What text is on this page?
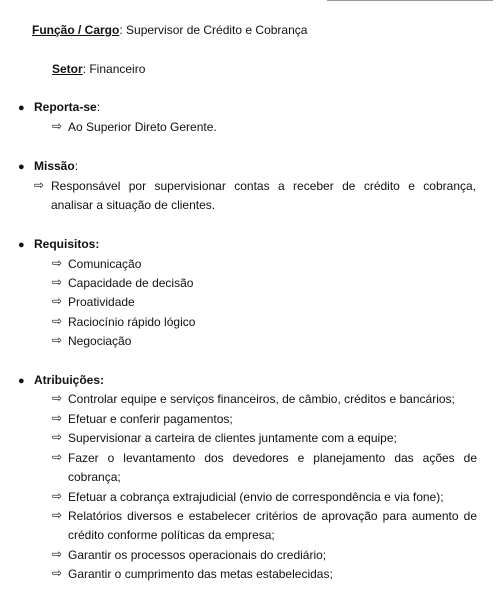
Função / Cargo: Supervisor de Crédito e Cobrança
Setor: Financeiro
● Reporta-se:
⇨ Ao Superior Direto Gerente.
● Missão:
⇨ Responsável por supervisionar contas a receber de crédito e cobrança,
analisar a situação de clientes.
● Requisitos:
⇨ Comunicação
⇨ Capacidade de decisão
⇨ Proatividade
⇨ Raciocínio rápido lógico
⇨ Negociação
● Atribuições:
⇨ Controlar equipe e serviços financeiros, de câmbio, créditos e bancários;
⇨ Efetuar e conferir pagamentos;
⇨ Supervisionar a carteira de clientes juntamente com a equipe;
⇨ Fazer o levantamento dos devedores e planejamento das ações de
cobrança;
⇨ Efetuar a cobrança extrajudicial (envio de correspondência e via fone);
⇨ Relatórios diversos e estabelecer critérios de aprovação para aumento de
crédito conforme políticas da empresa;
⇨ Garantir os processos operacionais do crediário;
⇨ Garantir o cumprimento das metas estabelecidas;
